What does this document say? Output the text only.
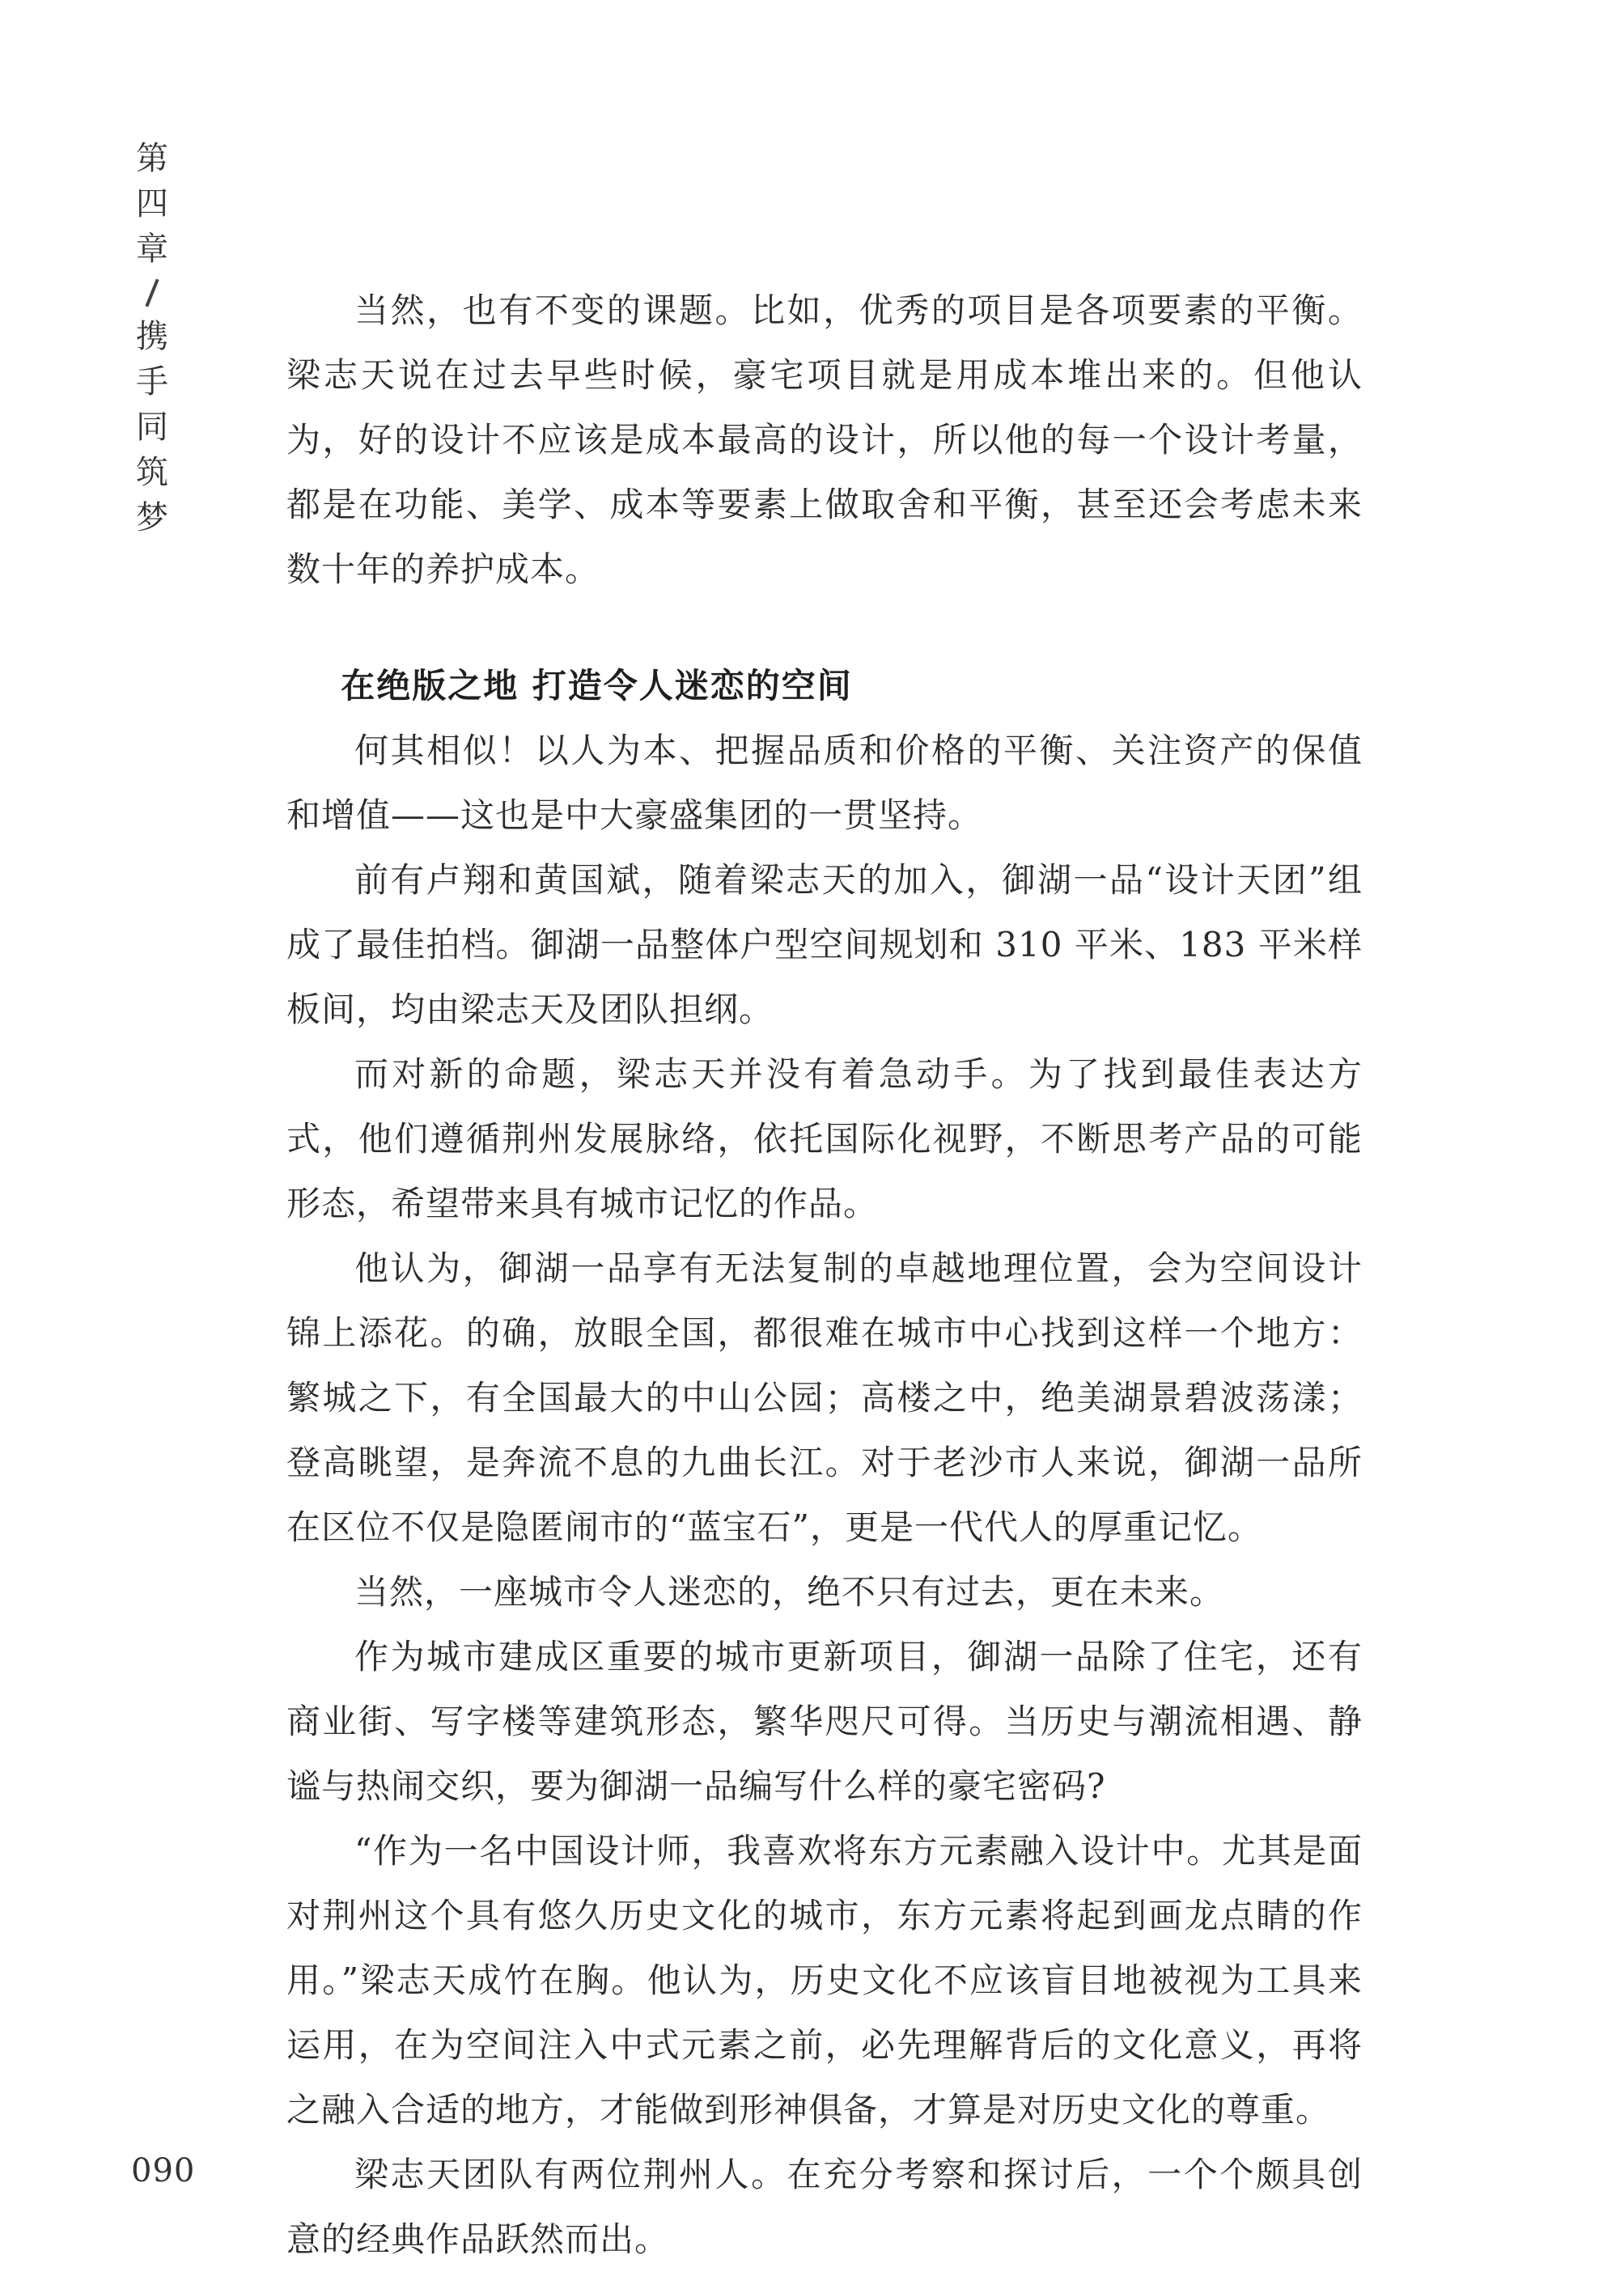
第
四
章
携
手
同
筑
梦

当然，也有不变的课题。比如，优秀的项目是各项要素的平衡。梁志天说在过去早些时候，豪宅项目就是用成本堆出来的。但他认为，好的设计不应该是成本最高的设计，所以他的每一个设计考量，都是在功能、美学、成本等要素上做取舍和平衡，甚至还会考虑未来数十年的养护成本。

在绝版之地 打造令人迷恋的空间

何其相似！以人为本、把握品质和价格的平衡、关注资产的保值和增值——这也是中大豪盛集团的一贯坚持。

前有卢翔和黄国斌，随着梁志天的加入，御湖一品“设计天团”组成了最佳拍档。御湖一品整体户型空间规划和 310 平米、183 平米样板间，均由梁志天及团队担纲。

而对新的命题，梁志天并没有着急动手。为了找到最佳表达方式，他们遵循荆州发展脉络，依托国际化视野，不断思考产品的可能形态，希望带来具有城市记忆的作品。

他认为，御湖一品享有无法复制的卓越地理位置，会为空间设计锦上添花。的确，放眼全国，都很难在城市中心找到这样一个地方：繁城之下，有全国最大的中山公园；高楼之中，绝美湖景碧波荡漾；登高眺望，是奔流不息的九曲长江。对于老沙市人来说，御湖一品所在区位不仅是隐匿闹市的“蓝宝石”，更是一代代人的厚重记忆。

当然，一座城市令人迷恋的，绝不只有过去，更在未来。

作为城市建成区重要的城市更新项目，御湖一品除了住宅，还有商业街、写字楼等建筑形态，繁华咫尺可得。当历史与潮流相遇、静谧与热闹交织，要为御湖一品编写什么样的豪宅密码?

“作为一名中国设计师，我喜欢将东方元素融入设计中。尤其是面对荆州这个具有悠久历史文化的城市，东方元素将起到画龙点睛的作用。”梁志天成竹在胸。他认为，历史文化不应该盲目地被视为工具来运用，在为空间注入中式元素之前，必先理解背后的文化意义，再将之融入合适的地方，才能做到形神俱备，才算是对历史文化的尊重。

梁志天团队有两位荆州人。在充分考察和探讨后，一个个颇具创意的经典作品跃然而出。

090
